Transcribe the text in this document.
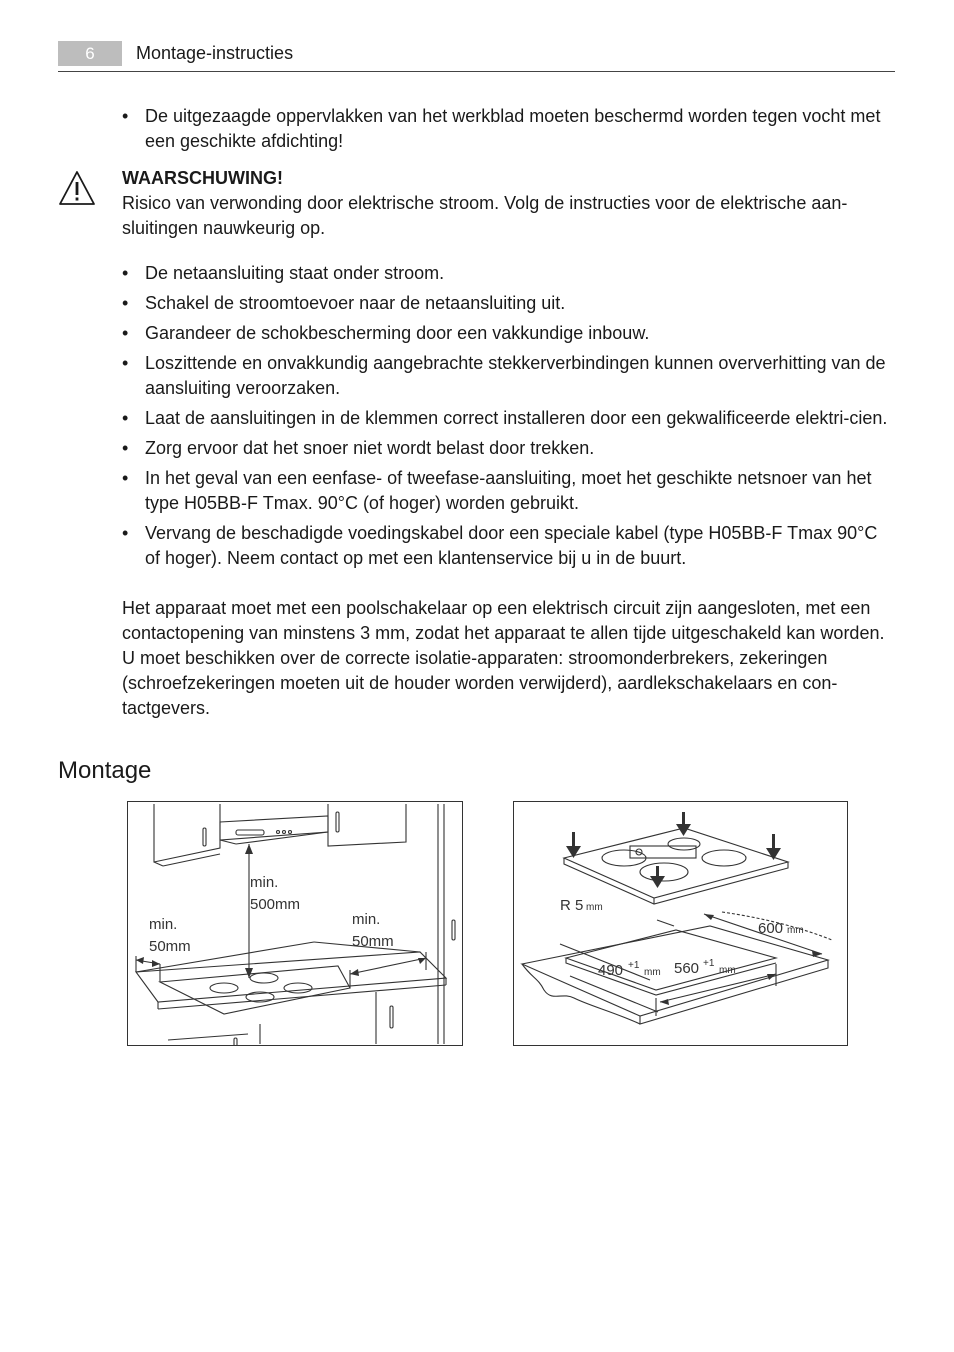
6	Montage-instructies
• De uitgezaagde oppervlakken van het werkblad moeten beschermd worden tegen vocht met een geschikte afdichting!
WAARSCHUWING!
Risico van verwonding door elektrische stroom. Volg de instructies voor de elektrische aan-sluitingen nauwkeurig op.
• De netaansluiting staat onder stroom.
• Schakel de stroomtoevoer naar de netaansluiting uit.
• Garandeer de schokbescherming door een vakkundige inbouw.
• Loszittende en onvakkundig aangebrachte stekkerverbindingen kunnen oververhitting van de aansluiting veroorzaken.
• Laat de aansluitingen in de klemmen correct installeren door een gekwalificeerde elektri-cien.
• Zorg ervoor dat het snoer niet wordt belast door trekken.
• In het geval van een eenfase- of tweefase-aansluiting, moet het geschikte netsnoer van het type H05BB-F Tmax. 90°C (of hoger) worden gebruikt.
• Vervang de beschadigde voedingskabel door een speciale kabel (type H05BB-F Tmax 90°C of hoger). Neem contact op met een klantenservice bij u in de buurt.
Het apparaat moet met een poolschakelaar op een elektrisch circuit zijn aangesloten, met een contactopening van minstens 3 mm, zodat het apparaat te allen tijde uitgeschakeld kan worden.
U moet beschikken over de correcte isolatie-apparaten: stroomonderbrekers, zekeringen (schroefzekeringen moeten uit de houder worden verwijderd), aardlekschakelaars en con-tactgevers.
Montage
min.
500mm
min.
50mm
min.
50mm
R 5 mm
600 mm
490 +1
mm 560 +1
mm
